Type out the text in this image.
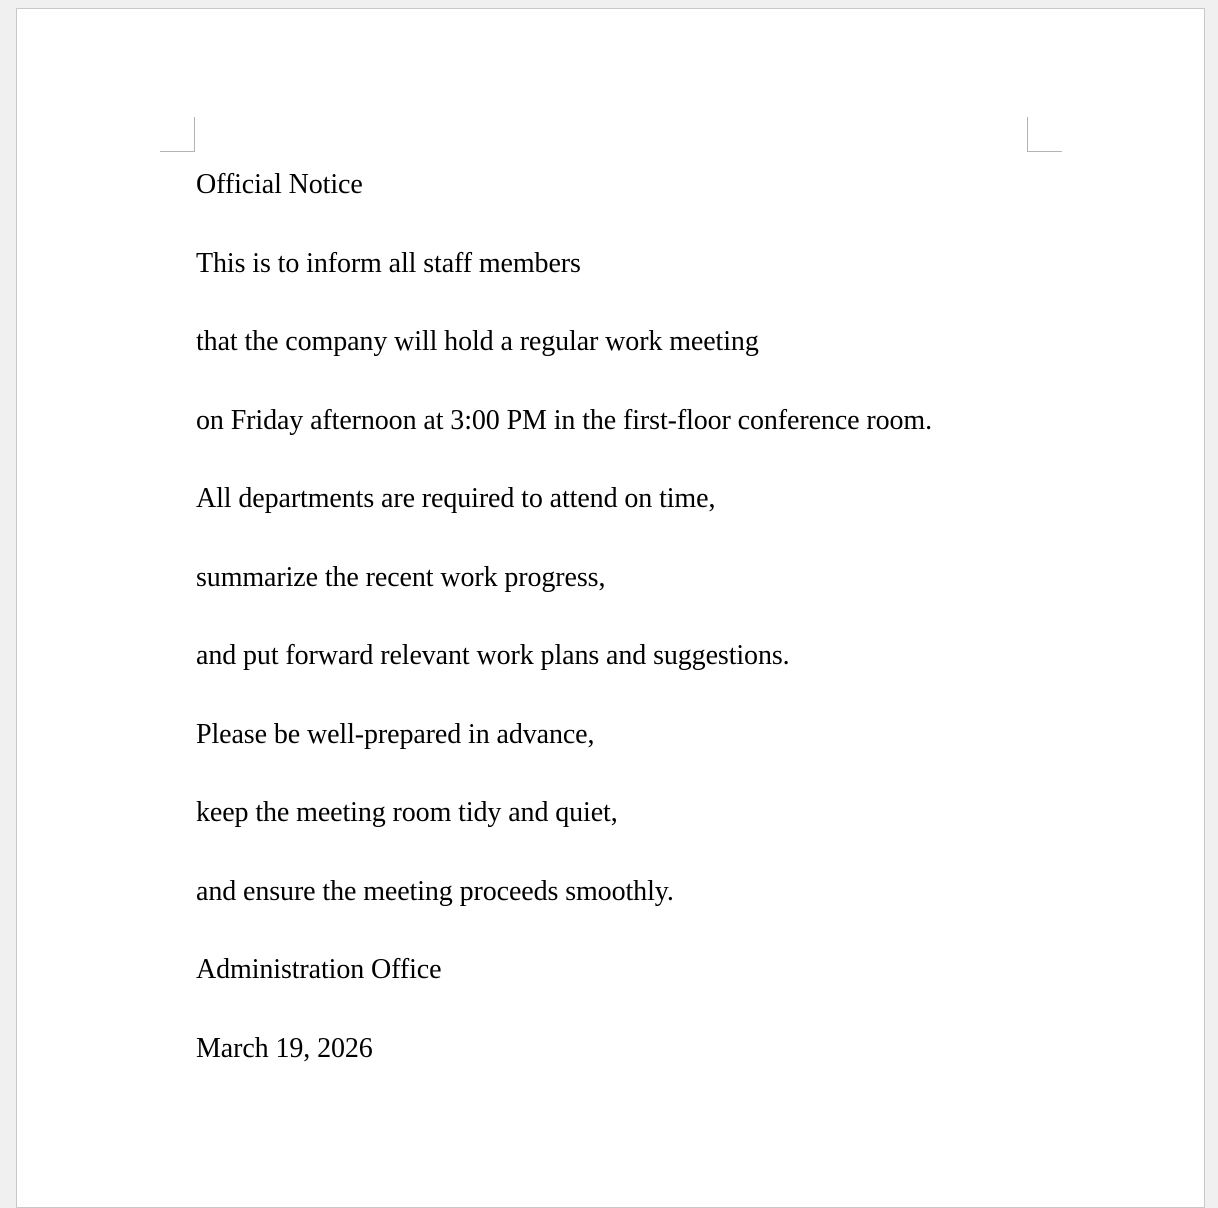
Official Notice

This is to inform all staff members

that the company will hold a regular work meeting

on Friday afternoon at 3:00 PM in the first-floor conference room.

All departments are required to attend on time,

summarize the recent work progress,

and put forward relevant work plans and suggestions.

Please be well-prepared in advance,

keep the meeting room tidy and quiet,

and ensure the meeting proceeds smoothly.

Administration Office

March 19, 2026
